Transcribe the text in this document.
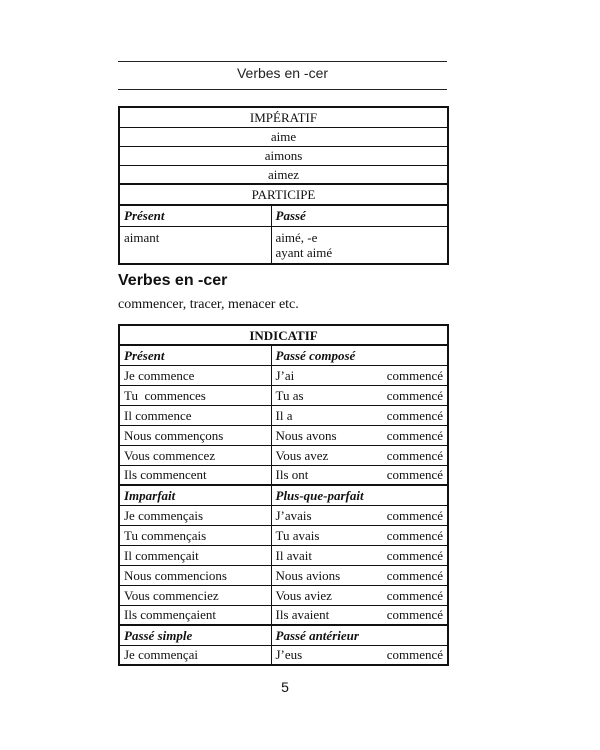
Verbes en -cer
IMPÉRATIF	
aime	
aimons	
aimez	
PARTICIPE	
Présent	Passé
aimant	aimé, -e
ayant aimé
Verbes en -cer
commencer, tracer, menacer etc.
INDICATIF	
Présent	Passé composé
Je commence	J’ai commencé

Tu  commences	Tu as commencé

Il commence	Il a commencé

Nous commençons	Nous avons commencé

Vous commencez	Vous avez commencé

Ils commencent	Ils ont commencé

Imparfait	Plus-que-parfait
Je commençais	J’avais commencé

Tu commençais	Tu avais commencé

Il commençait	Il avait commencé

Nous commencions	Nous avions commencé

Vous commenciez	Vous aviez commencé

Ils commençaient	Ils avaient commencé

Passé simple	Passé antérieur
Je commençai	J’eus commencé
5
